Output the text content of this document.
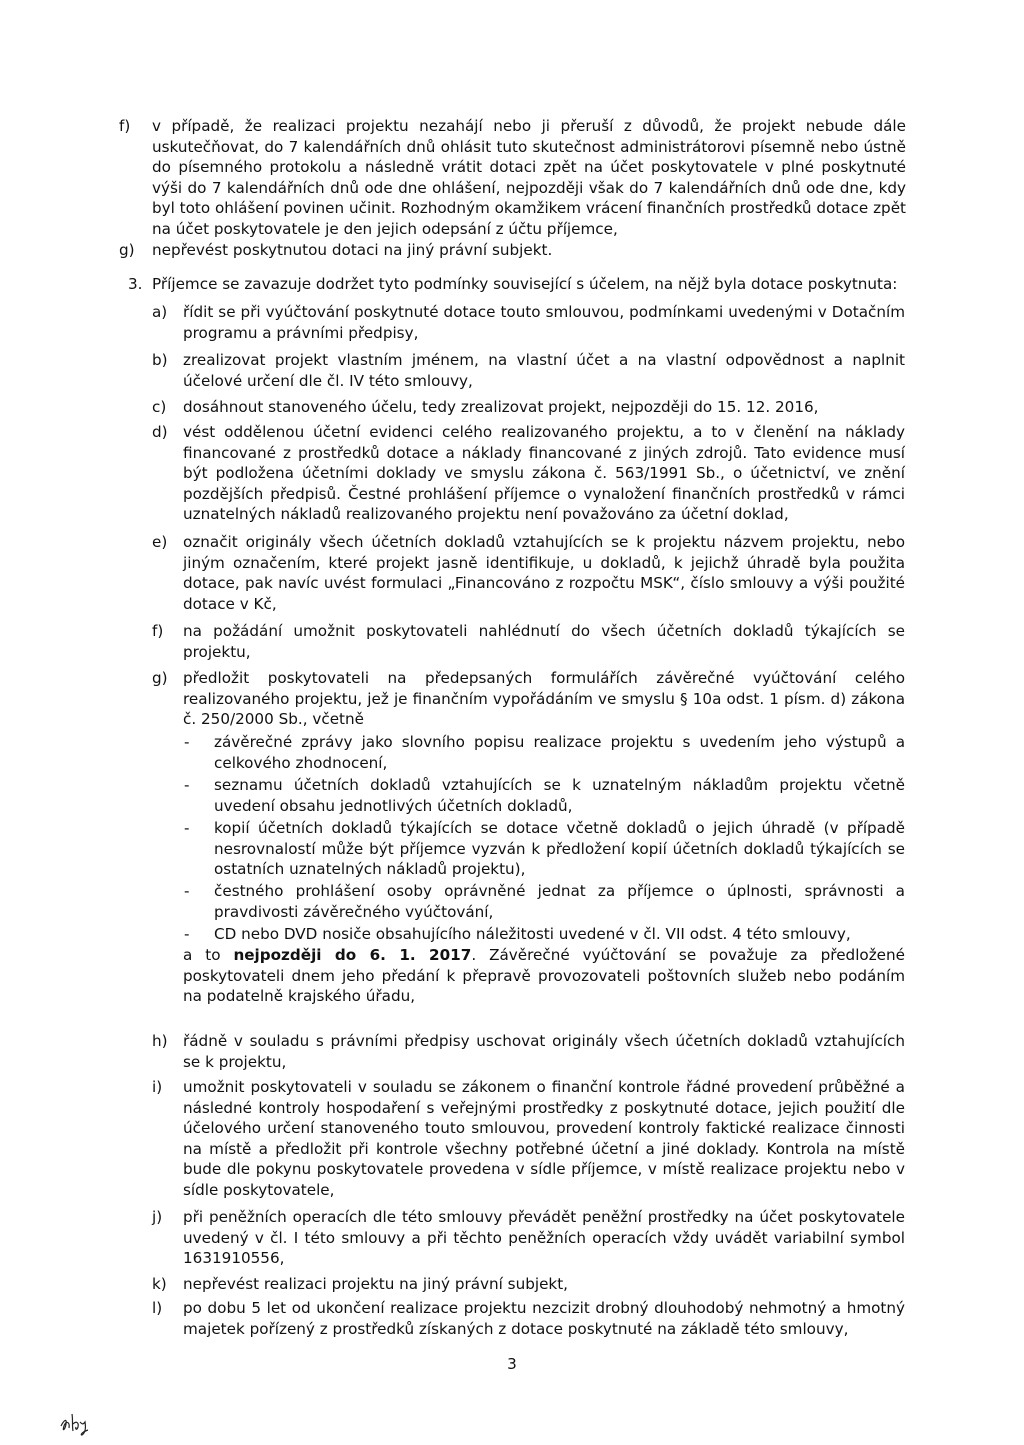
f) v případě, že realizaci projektu nezahájí nebo ji přeruší z důvodů, že projekt nebude dále uskutečňovat, do 7 kalendářních dnů ohlásit tuto skutečnost administrátorovi písemně nebo ústně do písemného protokolu a následně vrátit dotaci zpět na účet poskytovatele v plné poskytnuté výši do 7 kalendářních dnů ode dne ohlášení, nejpozději však do 7 kalendářních dnů ode dne, kdy byl toto ohlášení povinen učinit. Rozhodným okamžikem vrácení finančních prostředků dotace zpět na účet poskytovatele je den jejich odepsání z účtu příjemce,
g) nepřevést poskytnutou dotaci na jiný právní subjekt.
3. Příjemce se zavazuje dodržet tyto podmínky související s účelem, na nějž byla dotace poskytnuta:
a) řídit se při vyúčtování poskytnuté dotace touto smlouvou, podmínkami uvedenými v Dotačním programu a právními předpisy,
b) zrealizovat projekt vlastním jménem, na vlastní účet a na vlastní odpovědnost a naplnit účelové určení dle čl. IV této smlouvy,
c) dosáhnout stanoveného účelu, tedy zrealizovat projekt, nejpozději do 15. 12. 2016,
d) vést oddělenou účetní evidenci celého realizovaného projektu, a to v členění na náklady financované z prostředků dotace a náklady financované z jiných zdrojů. Tato evidence musí být podložena účetními doklady ve smyslu zákona č. 563/1991 Sb., o účetnictví, ve znění pozdějších předpisů. Čestné prohlášení příjemce o vynaložení finančních prostředků v rámci uznatelných nákladů realizovaného projektu není považováno za účetní doklad,
e) označit originály všech účetních dokladů vztahujících se k projektu názvem projektu, nebo jiným označením, které projekt jasně identifikuje, u dokladů, k jejichž úhradě byla použita dotace, pak navíc uvést formulaci „Financováno z rozpočtu MSK“, číslo smlouvy a výši použité dotace v Kč,
f) na požádání umožnit poskytovateli nahlédnutí do všech účetních dokladů týkajících se projektu,
g) předložit poskytovateli na předepsaných formulářích závěrečné vyúčtování celého realizovaného projektu, jež je finančním vypořádáním ve smyslu § 10a odst. 1 písm. d) zákona č. 250/2000 Sb., včetně
- závěrečné zprávy jako slovního popisu realizace projektu s uvedením jeho výstupů a celkového zhodnocení,
- seznamu účetních dokladů vztahujících se k uznatelným nákladům projektu včetně uvedení obsahu jednotlivých účetních dokladů,
- kopií účetních dokladů týkajících se dotace včetně dokladů o jejich úhradě (v případě nesrovnalostí může být příjemce vyzván k předložení kopií účetních dokladů týkajících se ostatních uznatelných nákladů projektu),
- čestného prohlášení osoby oprávněné jednat za příjemce o úplnosti, správnosti a pravdivosti závěrečného vyúčtování,
- CD nebo DVD nosiče obsahujícího náležitosti uvedené v čl. VII odst. 4 této smlouvy,
a to nejpozději do 6. 1. 2017. Závěrečné vyúčtování se považuje za předložené poskytovateli dnem jeho předání k přepravě provozovateli poštovních služeb nebo podáním na podatelně krajského úřadu,
h) řádně v souladu s právními předpisy uschovat originály všech účetních dokladů vztahujících se k projektu,
i) umožnit poskytovateli v souladu se zákonem o finanční kontrole řádné provedení průběžné a následné kontroly hospodaření s veřejnými prostředky z poskytnuté dotace, jejich použití dle účelového určení stanoveného touto smlouvou, provedení kontroly faktické realizace činnosti na místě a předložit při kontrole všechny potřebné účetní a jiné doklady. Kontrola na místě bude dle pokynu poskytovatele provedena v sídle příjemce, v místě realizace projektu nebo v sídle poskytovatele,
j) při peněžních operacích dle této smlouvy převádět peněžní prostředky na účet poskytovatele uvedený v čl. I této smlouvy a při těchto peněžních operacích vždy uvádět variabilní symbol 1631910556,
k) nepřevést realizaci projektu na jiný právní subjekt,
l) po dobu 5 let od ukončení realizace projektu nezcizit drobný dlouhodobý nehmotný a hmotný majetek pořízený z prostředků získaných z dotace poskytnuté na základě této smlouvy,
3
